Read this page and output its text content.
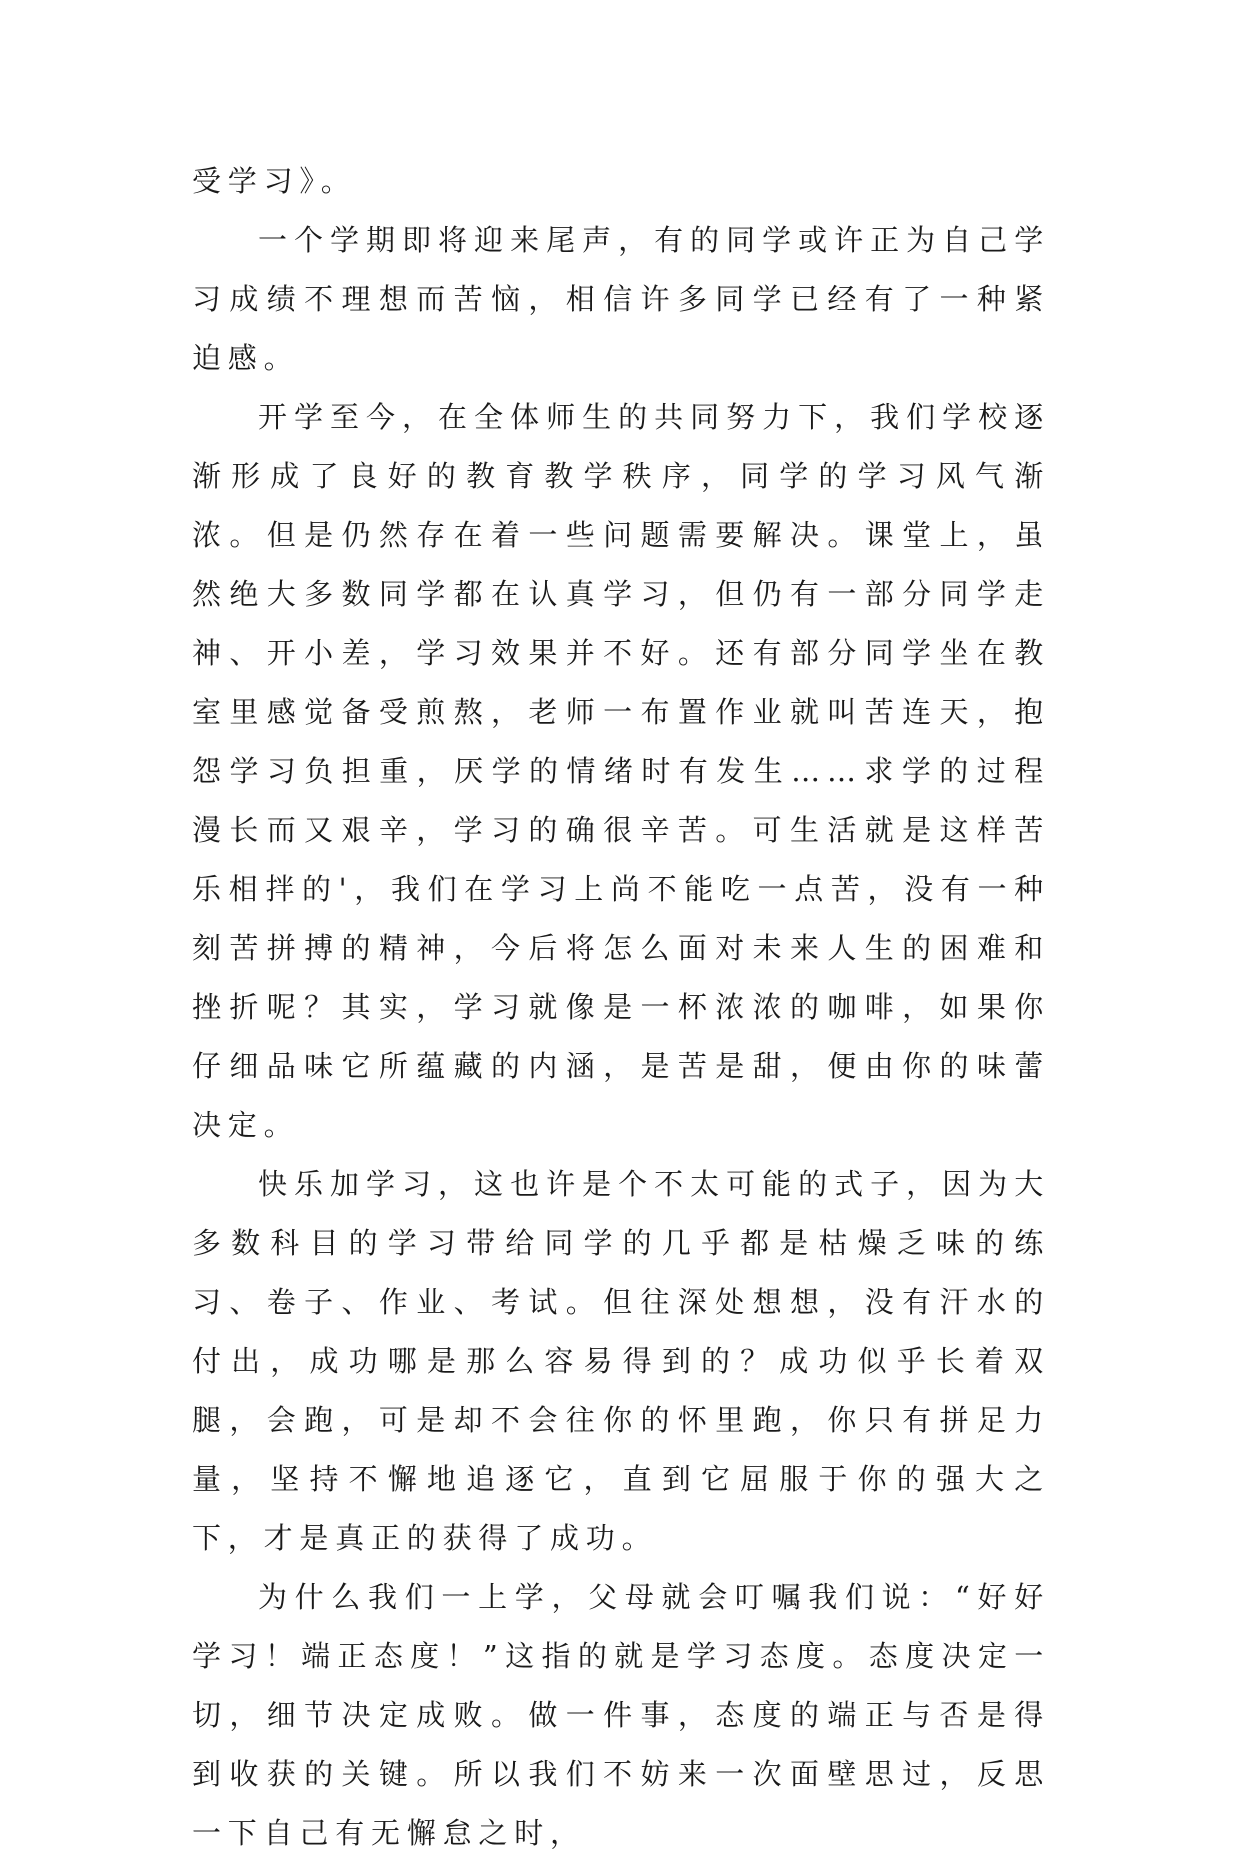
受学习》。

一个学期即将迎来尾声，有的同学或许正为自己学习成绩不理想而苦恼，相信许多同学已经有了一种紧迫感。

开学至今，在全体师生的共同努力下，我们学校逐渐形成了良好的教育教学秩序，同学的学习风气渐浓。但是仍然存在着一些问题需要解决。课堂上，虽然绝大多数同学都在认真学习，但仍有一部分同学走神、开小差，学习效果并不好。还有部分同学坐在教室里感觉备受煎熬，老师一布置作业就叫苦连天，抱怨学习负担重，厌学的情绪时有发生……求学的过程漫长而又艰辛，学习的确很辛苦。可生活就是这样苦乐相拌的'，我们在学习上尚不能吃一点苦，没有一种刻苦拼搏的精神，今后将怎么面对未来人生的困难和挫折呢？其实，学习就像是一杯浓浓的咖啡，如果你仔细品味它所蕴藏的内涵，是苦是甜，便由你的味蕾决定。

快乐加学习，这也许是个不太可能的式子，因为大多数科目的学习带给同学的几乎都是枯燥乏味的练习、卷子、作业、考试。但往深处想想，没有汗水的付出，成功哪是那么容易得到的？成功似乎长着双腿，会跑，可是却不会往你的怀里跑，你只有拼足力量，坚持不懈地追逐它，直到它屈服于你的强大之下，才是真正的获得了成功。

为什么我们一上学，父母就会叮嘱我们说：“好好学习！端正态度！”这指的就是学习态度。态度决定一切，细节决定成败。做一件事，态度的端正与否是得到收获的关键。所以我们不妨来一次面壁思过，反思一下自己有无懈怠之时，
